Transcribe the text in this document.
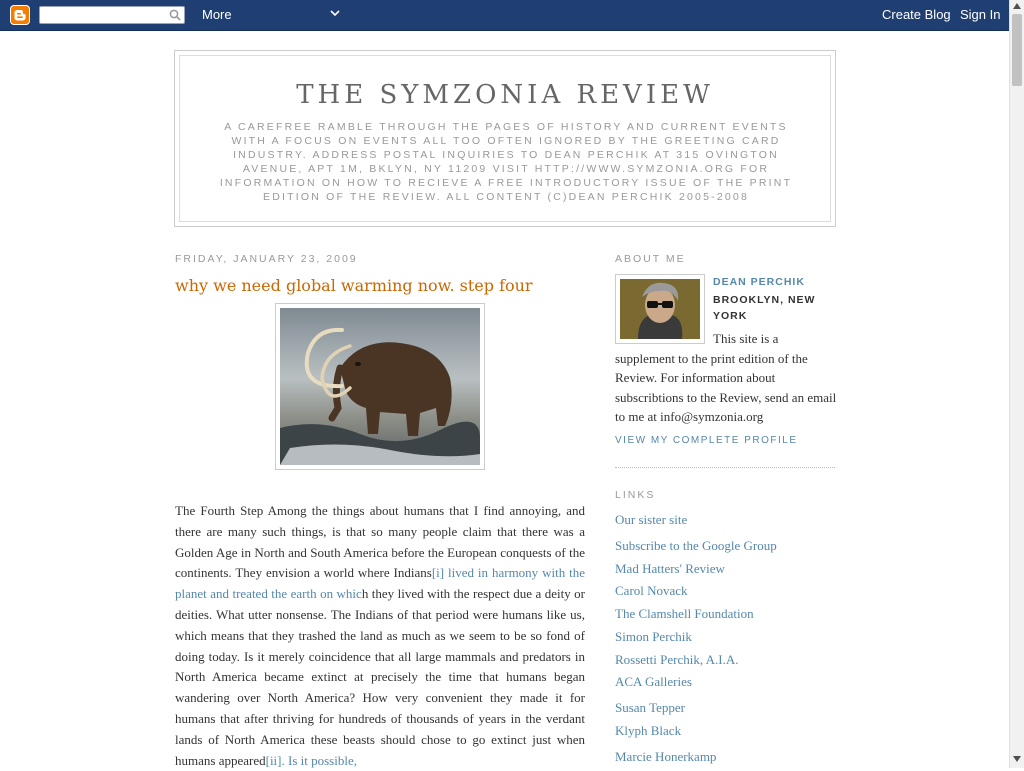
More	Create Blog Sign In
THE SYMZONIA REVIEW
A CAREFREE RAMBLE THROUGH THE PAGES OF HISTORY AND CURRENT EVENTS WITH A FOCUS ON EVENTS ALL TOO OFTEN IGNORED BY THE GREETING CARD INDUSTRY. ADDRESS POSTAL INQUIRIES TO DEAN PERCHIK AT 315 OVINGTON AVENUE, APT 1M, BKLYN, NY 11209 VISIT HTTP://WWW.SYMZONIA.ORG FOR INFORMATION ON HOW TO RECIEVE A FREE INTRODUCTORY ISSUE OF THE PRINT EDITION OF THE REVIEW. ALL CONTENT (C)DEAN PERCHIK 2005-2008
FRIDAY, JANUARY 23, 2009
why we need global warming now. step four
The Fourth Step Among the things about humans that I find annoying, and there are many such things, is that so many people claim that there was a Golden Age in North and South America before the European conquests of the continents. They envision a world where Indians[i] lived in harmony with the planet and treated the earth on which they lived with the respect due a deity or deities. What utter nonsense. The Indians of that period were humans like us, which means that they trashed the land as much as we seem to be so fond of doing today. Is it merely coincidence that all large mammals and predators in North America became extinct at precisely the time that humans began wandering over North America? How very convenient they made it for humans that after thriving for hundreds of thousands of years in the verdant lands of North America these beasts should chose to go extinct just when humans appeared[ii]. Is it possible,
ABOUT ME
DEAN PERCHIK
BROOKLYN, NEW YORK
This site is a supplement to the print edition of the Review. For information about subscribtions to the Review, send an email to me at info@symzonia.org
VIEW MY COMPLETE PROFILE
LINKS
Our sister site
Subscribe to the Google Group
Mad Hatters' Review
Carol Novack
The Clamshell Foundation
Simon Perchik
Rossetti Perchik, A.I.A.
ACA Galleries
Susan Tepper
Klyph Black
Marcie Honerkamp
